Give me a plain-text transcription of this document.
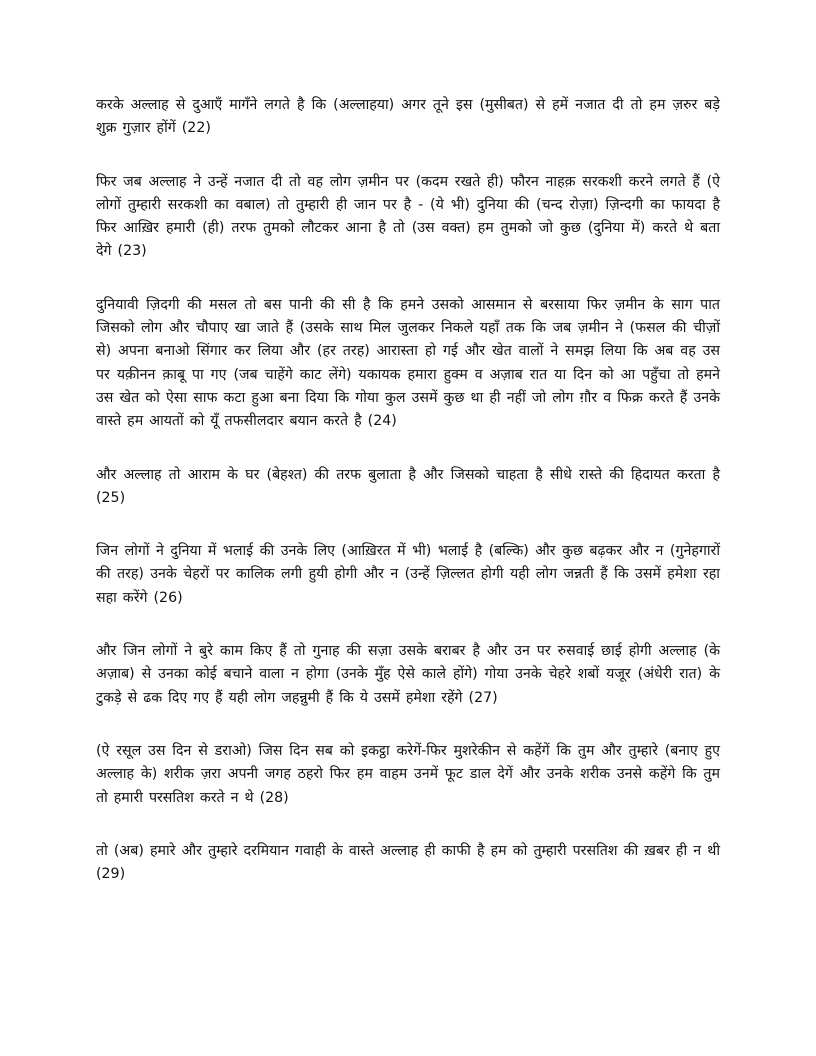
करके अल्लाह से दुआएँ मागँने लगते है कि (अल्लाहया) अगर तूने इस (मुसीबत) से हमें नजात दी तो हम ज़रुर बड़े शुक्र गुज़ार होंगें (22)

फिर जब अल्लाह ने उन्हें नजात दी तो वह लोग ज़मीन पर (कदम रखते ही) फौरन नाहक़ सरकशी करने लगते हैं (ऐ लोगों तुम्हारी सरकशी का वबाल) तो तुम्हारी ही जान पर है - (ये भी) दुनिया की (चन्द रोज़ा) ज़िन्दगी का फायदा है फिर आख़िर हमारी (ही) तरफ तुमको लौटकर आना है तो (उस वक्त) हम तुमको जो कुछ (दुनिया में) करते थे बता देगे (23)

दुनियावी ज़िदगी की मसल तो बस पानी की सी है कि हमने उसको आसमान से बरसाया फिर ज़मीन के साग पात जिसको लोग और चौपाए खा जाते हैं (उसके साथ मिल जुलकर निकले यहाँ तक कि जब ज़मीन ने (फसल की चीज़ों से) अपना बनाओ सिंगार कर लिया और (हर तरह) आरास्ता हो गई और खेत वालों ने समझ लिया कि अब वह उस पर यक़ीनन क़ाबू पा गए (जब चाहेंगे काट लेंगे) यकायक हमारा हुक्म व अज़ाब रात या दिन को आ पहुँचा तो हमने उस खेत को ऐसा साफ कटा हुआ बना दिया कि गोया कुल उसमें कुछ था ही नहीं जो लोग ग़ौर व फिक्र करते हैं उनके वास्ते हम आयतों को यूँ तफसीलदार बयान करते है (24)

और अल्लाह तो आराम के घर (बेहश्त) की तरफ बुलाता है और जिसको चाहता है सीधे रास्ते की हिदायत करता है (25)

जिन लोगों ने दुनिया में भलाई की उनके लिए (आख़िरत में भी) भलाई है (बल्कि) और कुछ बढ़कर और न (गुनेहगारों की तरह) उनके चेहरों पर कालिक लगी हुयी होगी और न (उन्हें ज़िल्लत होगी यही लोग जन्नती हैं कि उसमें हमेशा रहा सहा करेंगे (26)

और जिन लोगों ने बुरे काम किए हैं तो गुनाह की सज़ा उसके बराबर है और उन पर रुसवाई छाई होगी अल्लाह (के अज़ाब) से उनका कोई बचाने वाला न होगा (उनके मुँह ऐसे काले होंगे) गोया उनके चेहरे शबों यजूर (अंधेरी रात) के टुकड़े से ढक दिए गए हैं यही लोग जहन्नुमी हैं कि ये उसमें हमेशा रहेंगे (27)

(ऐ रसूल उस दिन से डराओ) जिस दिन सब को इकट्ठा करेगें-फिर मुशरेकीन से कहेंगें कि तुम और तुम्हारे (बनाए हुए अल्लाह के) शरीक ज़रा अपनी जगह ठहरो फिर हम वाहम उनमें फूट डाल देगें और उनके शरीक उनसे कहेंगे कि तुम तो हमारी परसतिश करते न थे (28)

तो (अब) हमारे और तुम्हारे दरमियान गवाही के वास्ते अल्लाह ही काफी है हम को तुम्हारी परसतिश की ख़बर ही न थी (29)
